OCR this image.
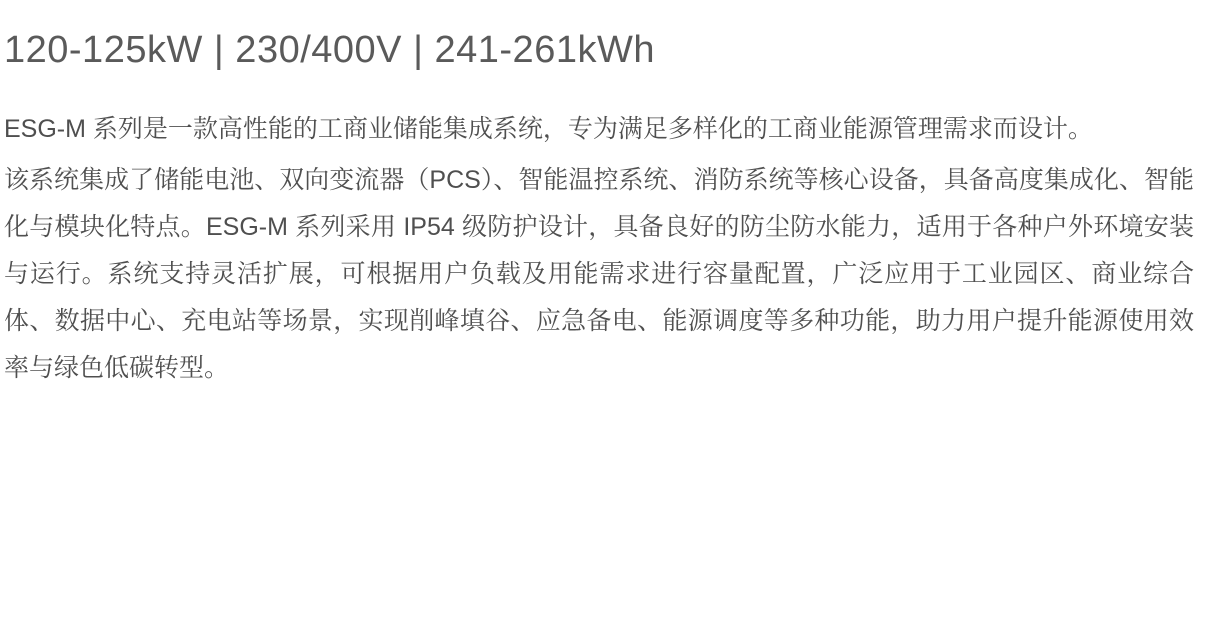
120-125kW | 230/400V | 241-261kWh

ESG-M 系列是一款高性能的工商业储能集成系统，专为满足多样化的工商业能源管理需求而设计。

该系统集成了储能电池、双向变流器（PCS）、智能温控系统、消防系统等核心设备，具备高度集成化、智能化与模块化特点。ESG-M 系列采用 IP54 级防护设计，具备良好的防尘防水能力，适用于各种户外环境安装与运行。系统支持灵活扩展，可根据用户负载及用能需求进行容量配置，广泛应用于工业园区、商业综合体、数据中心、充电站等场景，实现削峰填谷、应急备电、能源调度等多种功能，助力用户提升能源使用效率与绿色低碳转型。
